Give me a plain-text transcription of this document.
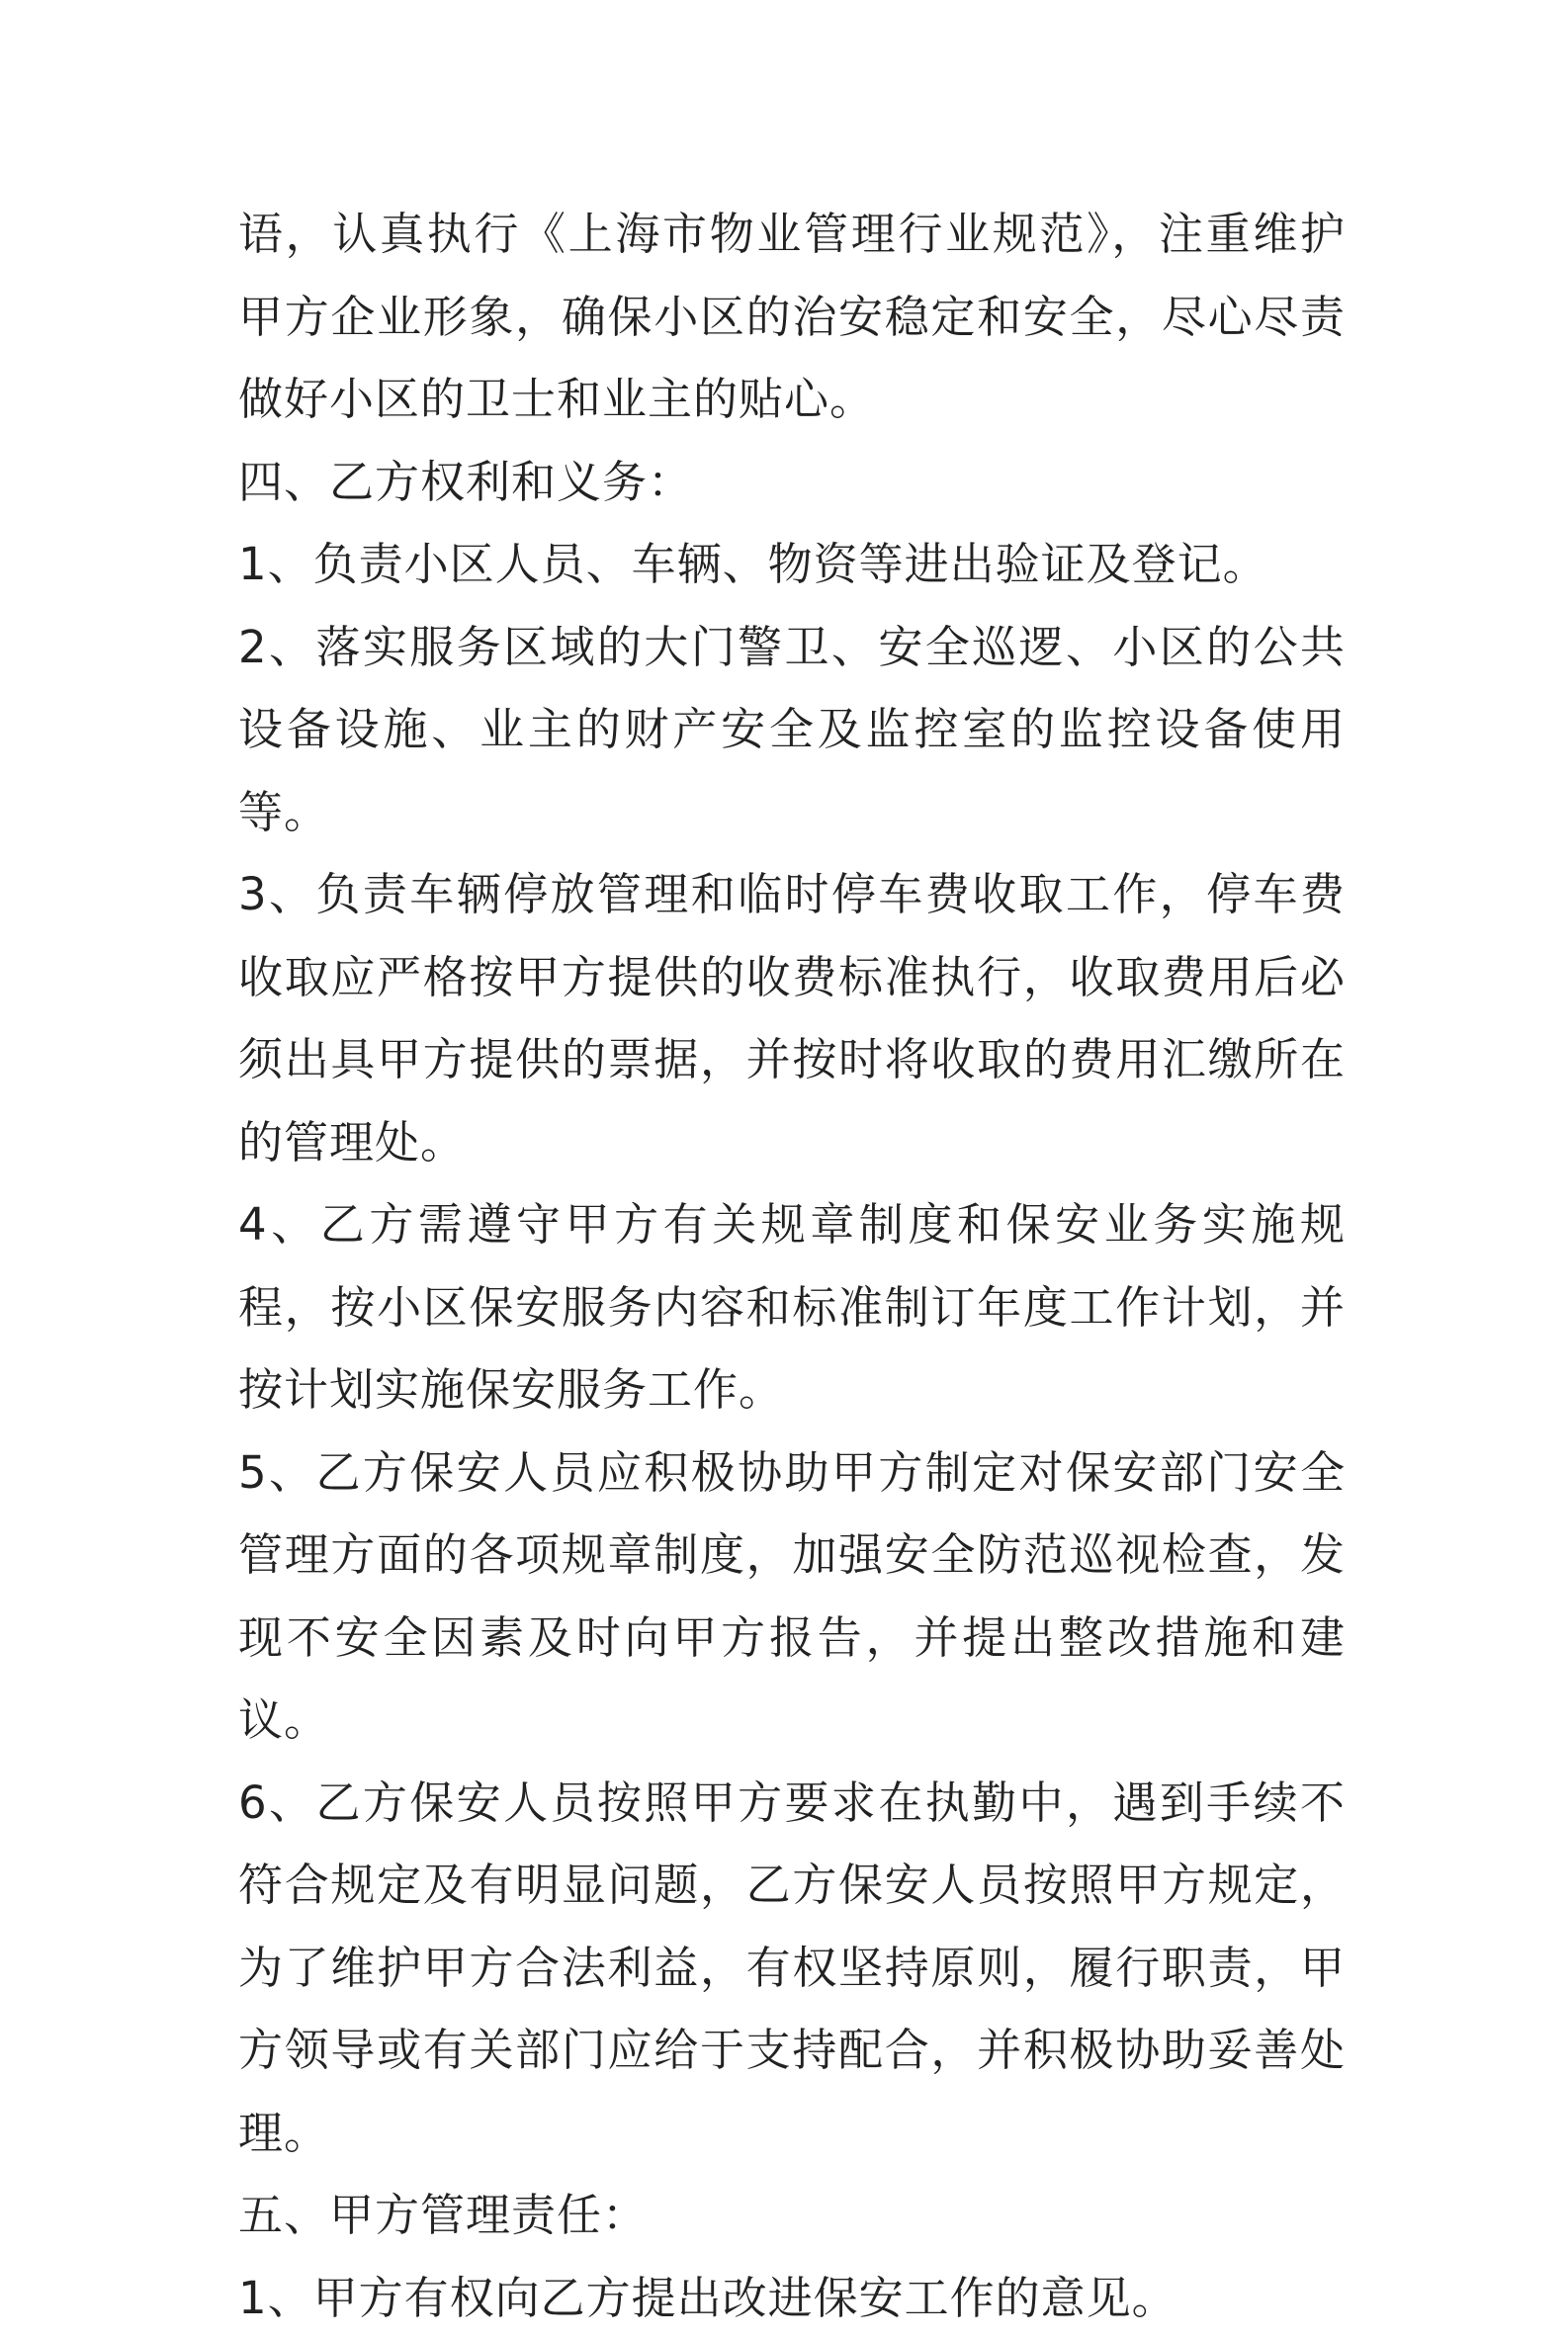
语，认真执行《上海市物业管理行业规范》，注重维护甲方企业形象，确保小区的治安稳定和安全，尽心尽责做好小区的卫士和业主的贴心。

四、乙方权利和义务：

1、负责小区人员、车辆、物资等进出验证及登记。

2、落实服务区域的大门警卫、安全巡逻、小区的公共设备设施、业主的财产安全及监控室的监控设备使用等。

3、负责车辆停放管理和临时停车费收取工作，停车费收取应严格按甲方提供的收费标准执行，收取费用后必须出具甲方提供的票据，并按时将收取的费用汇缴所在的管理处。

4、乙方需遵守甲方有关规章制度和保安业务实施规程，按小区保安服务内容和标准制订年度工作计划，并按计划实施保安服务工作。

5、乙方保安人员应积极协助甲方制定对保安部门安全管理方面的各项规章制度，加强安全防范巡视检查，发现不安全因素及时向甲方报告，并提出整改措施和建议。

6、乙方保安人员按照甲方要求在执勤中，遇到手续不符合规定及有明显问题，乙方保安人员按照甲方规定，为了维护甲方合法利益，有权坚持原则，履行职责，甲方领导或有关部门应给于支持配合，并积极协助妥善处理。

五、甲方管理责任：

1、甲方有权向乙方提出改进保安工作的意见。
